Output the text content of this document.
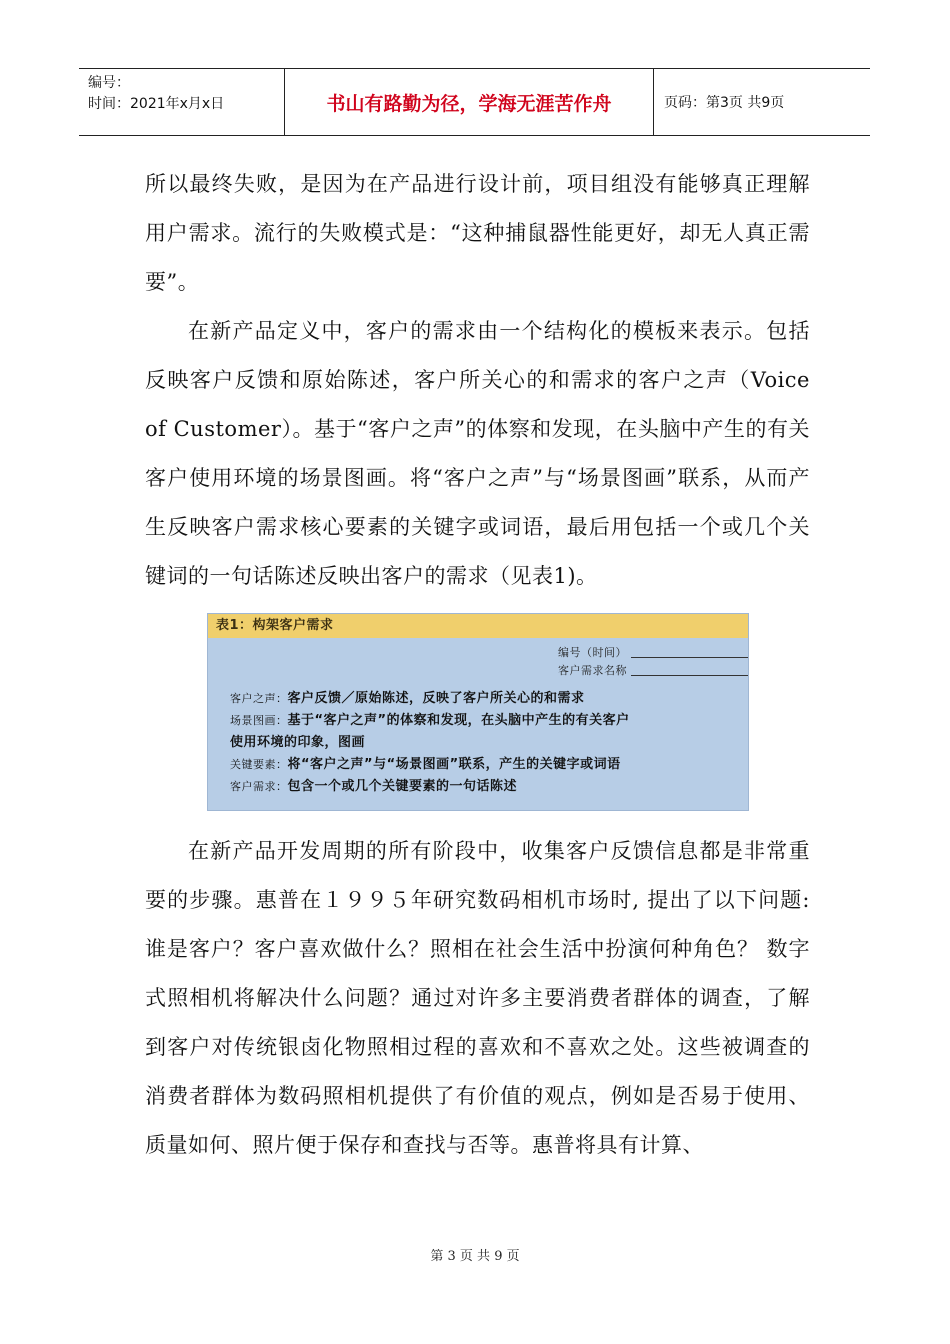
编号：
时间：2021年x月x日	书山有路勤为径，学海无涯苦作舟	页码：第3页 共9页

所以最终失败，是因为在产品进行设计前，项目组没有能够真正理解用户需求。流行的失败模式是：“这种捕鼠器性能更好，却无人真正需要”。

在新产品定义中，客户的需求由一个结构化的模板来表示。包括反映客户反馈和原始陈述，客户所关心的和需求的客户之声（Voice of Customer）。基于“客户之声”的体察和发现，在头脑中产生的有关客户使用环境的场景图画。将“客户之声”与“场景图画”联系，从而产生反映客户需求核心要素的关键字或词语，最后用包括一个或几个关键词的一句话陈述反映出客户的需求（见表1)。

表1：构架客户需求
编号（时间）
客户需求名称
客户之声：客户反馈／原始陈述，反映了客户所关心的和需求
场景图画：基于“客户之声”的体察和发现，在头脑中产生的有关客户
使用环境的印象，图画
关键要素：将“客户之声”与“场景图画”联系，产生的关键字或词语
客户需求：包含一个或几个关键要素的一句话陈述

在新产品开发周期的所有阶段中，收集客户反馈信息都是非常重要的步骤。惠普在１９９５年研究数码相机市场时, 提出了以下问题:谁是客户？客户喜欢做什么？照相在社会生活中扮演何种角色？ 数字式照相机将解决什么问题？通过对许多主要消费者群体的调查，了解到客户对传统银卤化物照相过程的喜欢和不喜欢之处。这些被调查的消费者群体为数码照相机提供了有价值的观点，例如是否易于使用、质量如何、照片便于保存和查找与否等。惠普将具有计算、

第 3 页 共 9 页
